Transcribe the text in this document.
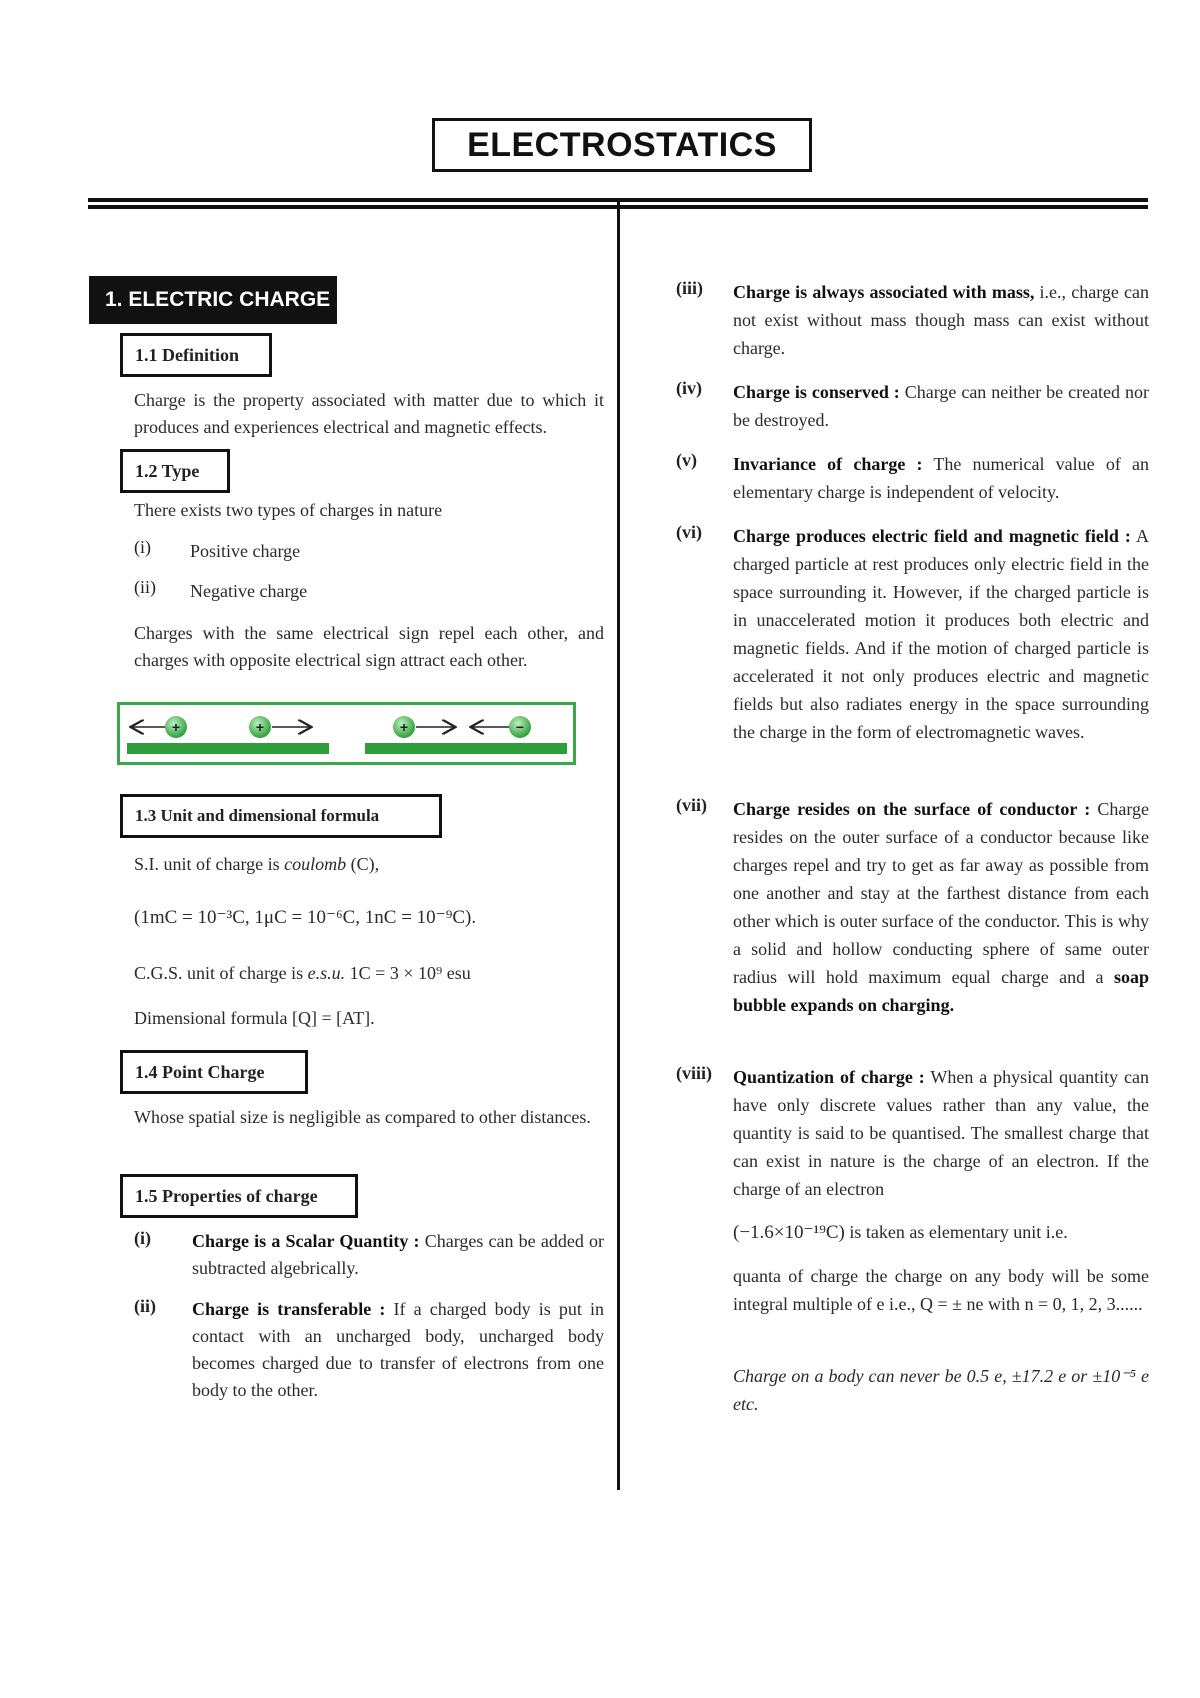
ELECTROSTATICS
1. ELECTRIC CHARGE
1.1 Definition
Charge is the property associated with matter due to which it produces and experiences electrical and magnetic effects.
1.2 Type
There exists two types of charges in nature
(i) Positive charge
(ii) Negative charge
Charges with the same electrical sign repel each other, and charges with opposite electrical sign attract each other.
+	+	+	−
1.3 Unit and dimensional formula
S.I. unit of charge is coulomb (C),
(1mC = 10⁻³C, 1μC = 10⁻⁶C, 1nC = 10⁻⁹C).
C.G.S. unit of charge is e.s.u. 1C = 3 × 10⁹ esu
Dimensional formula [Q] = [AT].
1.4 Point Charge
Whose spatial size is negligible as compared to other distances.
1.5 Properties of charge
(i) Charge is a Scalar Quantity : Charges can be added or subtracted algebrically.
(ii) Charge is transferable : If a charged body is put in contact with an uncharged body, uncharged body becomes charged due to transfer of electrons from one body to the other.
(iii) Charge is always associated with mass, i.e., charge can not exist without mass though mass can exist without charge.
(iv) Charge is conserved : Charge can neither be created nor be destroyed.
(v) Invariance of charge : The numerical value of an elementary charge is independent of velocity.
(vi) Charge produces electric field and magnetic field : A charged particle at rest produces only electric field in the space surrounding it. However, if the charged particle is in unaccelerated motion it produces both electric and magnetic fields. And if the motion of charged particle is accelerated it not only produces electric and magnetic fields but also radiates energy in the space surrounding the charge in the form of electromagnetic waves.
(vii) Charge resides on the surface of conductor : Charge resides on the outer surface of a conductor because like charges repel and try to get as far away as possible from one another and stay at the farthest distance from each other which is outer surface of the conductor. This is why a solid and hollow conducting sphere of same outer radius will hold maximum equal charge and a soap bubble expands on charging.
(viii) Quantization of charge : When a physical quantity can have only discrete values rather than any value, the quantity is said to be quantised. The smallest charge that can exist in nature is the charge of an electron. If the charge of an electron
(−1.6×10⁻¹⁹C) is taken as elementary unit i.e.
quanta of charge the charge on any body will be some integral multiple of e i.e., Q = ± ne with n = 0, 1, 2, 3......
Charge on a body can never be 0.5 e, ±17.2 e or ±10⁻⁵ e etc.
